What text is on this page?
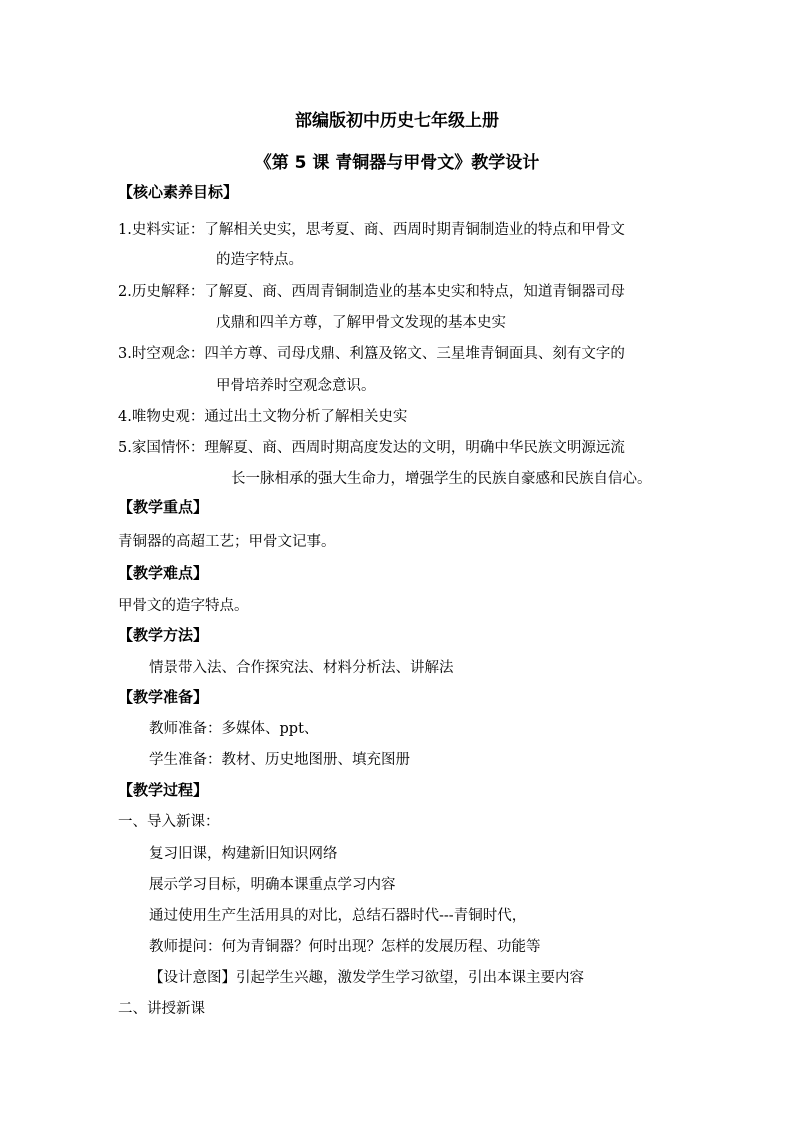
部编版初中历史七年级上册
《第 5 课 青铜器与甲骨文》教学设计
【核心素养目标】
1.史料实证：了解相关史实，思考夏、商、西周时期青铜制造业的特点和甲骨文
的造字特点。
2.历史解释：了解夏、商、西周青铜制造业的基本史实和特点，知道青铜器司母
戊鼎和四羊方尊，了解甲骨文发现的基本史实
3.时空观念：四羊方尊、司母戊鼎、利簋及铭文、三星堆青铜面具、刻有文字的
甲骨培养时空观念意识。
4.唯物史观：通过出土文物分析了解相关史实
5.家国情怀：理解夏、商、西周时期高度发达的文明，明确中华民族文明源远流
长一脉相承的强大生命力，增强学生的民族自豪感和民族自信心。
【教学重点】
青铜器的高超工艺；甲骨文记事。
【教学难点】
甲骨文的造字特点。
【教学方法】
情景带入法、合作探究法、材料分析法、讲解法
【教学准备】
教师准备：多媒体、ppt、
学生准备：教材、历史地图册、填充图册
【教学过程】
一、导入新课：
复习旧课，构建新旧知识网络
展示学习目标，明确本课重点学习内容
通过使用生产生活用具的对比，总结石器时代---青铜时代，
教师提问：何为青铜器？何时出现？怎样的发展历程、功能等
【设计意图】引起学生兴趣，激发学生学习欲望，引出本课主要内容
二、讲授新课
